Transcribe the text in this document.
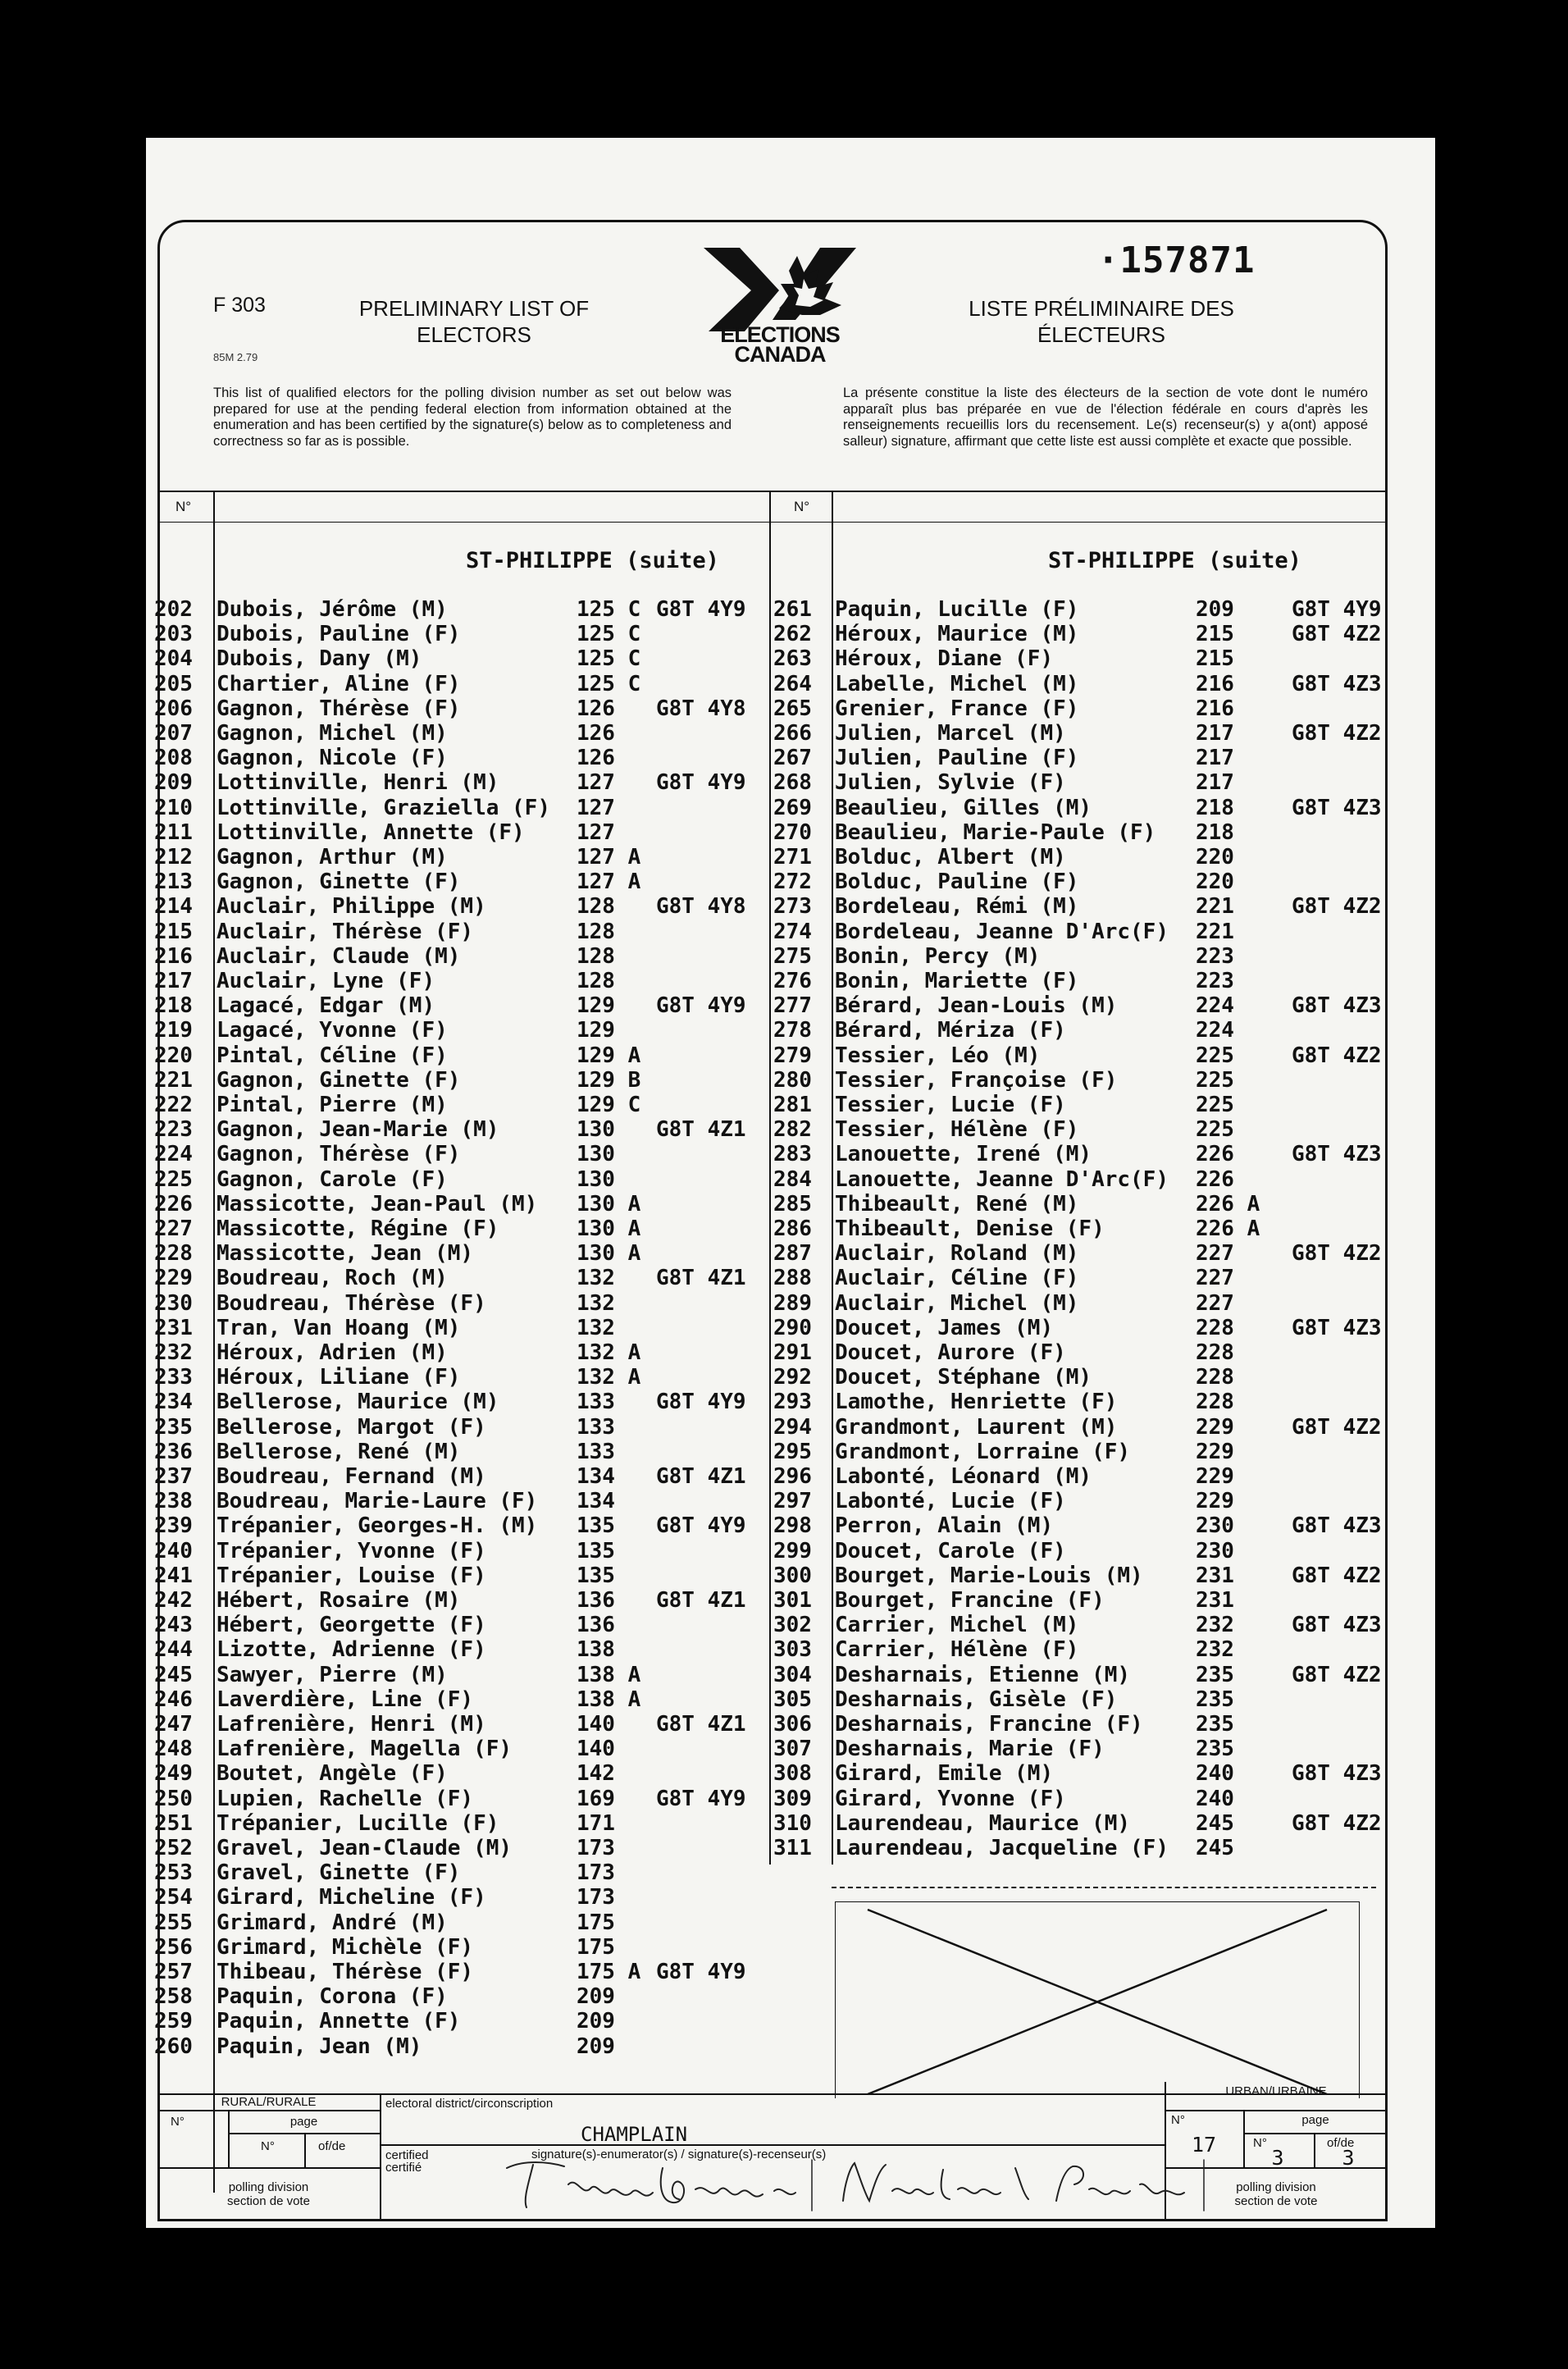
F 303
85M 2.79
PRELIMINARY LIST OF
ELECTORS
LISTE PRÉLIMINAIRE DES
ÉLECTEURS
·157871
ELECTIONS
CANADA
This list of qualified electors for the polling division number as set out below was prepared for use at the pending federal election from information obtained at the enumeration and has been certified by the signature(s) below as to completeness and correctness so far as is possible.
La présente constitue la liste des électeurs de la section de vote dont le numéro apparaît plus bas préparée en vue de l'élection fédérale en cours d'après les renseignements recueillis lors du recensement. Le(s) recenseur(s) y a(ont) apposé salleur) signature, affirmant que cette liste est aussi complète et exacte que possible.
N°	N°
ST-PHILIPPE (suite)	ST-PHILIPPE (suite)
202 Dubois, Jérôme (M)	125 C G8T 4Y9
203 Dubois, Pauline (F)	125 C
204 Dubois, Dany (M)	125 C
205 Chartier, Aline (F)	125 C
206 Gagnon, Thérèse (F)	126 G8T 4Y8
207 Gagnon, Michel (M)	126
208 Gagnon, Nicole (F)	126
209 Lottinville, Henri (M)	127 G8T 4Y9
210 Lottinville, Graziella (F) 127
211 Lottinville, Annette (F) 127
212 Gagnon, Arthur (M)	127 A
213 Gagnon, Ginette (F)	127 A
214 Auclair, Philippe (M)	128 G8T 4Y8
215 Auclair, Thérèse (F)	128
216 Auclair, Claude (M)	128
217 Auclair, Lyne (F)	128
218 Lagacé, Edgar (M)	129 G8T 4Y9
219 Lagacé, Yvonne (F)	129
220 Pintal, Céline (F)	129 A
221 Gagnon, Ginette (F)	129 B
222 Pintal, Pierre (M)	129 C
223 Gagnon, Jean-Marie (M)	130 G8T 4Z1
224 Gagnon, Thérèse (F)	130
225 Gagnon, Carole (F)	130
226 Massicotte, Jean-Paul (M) 130 A
227 Massicotte, Régine (F)	130 A
228 Massicotte, Jean (M)	130 A
229 Boudreau, Roch (M)	132 G8T 4Z1
230 Boudreau, Thérèse (F)	132
231 Tran, Van Hoang (M)	132
232 Héroux, Adrien (M)	132 A
233 Héroux, Liliane (F)	132 A
234 Bellerose, Maurice (M)	133 G8T 4Y9
235 Bellerose, Margot (F)	133
236 Bellerose, René (M)	133
237 Boudreau, Fernand (M)	134 G8T 4Z1
238 Boudreau, Marie-Laure (F) 134
239 Trépanier, Georges-H. (M) 135 G8T 4Y9
240 Trépanier, Yvonne (F)	135
241 Trépanier, Louise (F)	135
242 Hébert, Rosaire (M)	136 G8T 4Z1
243 Hébert, Georgette (F)	136
244 Lizotte, Adrienne (F)	138
245 Sawyer, Pierre (M)	138 A
246 Laverdière, Line (F)	138 A
247 Lafrenière, Henri (M)	140 G8T 4Z1
248 Lafrenière, Magella (F)	140
249 Boutet, Angèle (F)	142
250 Lupien, Rachelle (F)	169 G8T 4Y9
251 Trépanier, Lucille (F)	171
252 Gravel, Jean-Claude (M)	173
253 Gravel, Ginette (F)	173
254 Girard, Micheline (F)	173
255 Grimard, André (M)	175
256 Grimard, Michèle (F)	175
257 Thibeau, Thérèse (F)	175 A G8T 4Y9
258 Paquin, Corona (F)	209
259 Paquin, Annette (F)	209
260 Paquin, Jean (M)	209
261 Paquin, Lucille (F)	209	G8T 4Y9
262 Héroux, Maurice (M)	215	G8T 4Z2
263 Héroux, Diane (F)	215
264 Labelle, Michel (M)	216	G8T 4Z3
265 Grenier, France (F)	216
266 Julien, Marcel (M)	217	G8T 4Z2
267 Julien, Pauline (F)	217
268 Julien, Sylvie (F)	217
269 Beaulieu, Gilles (M)	218	G8T 4Z3
270 Beaulieu, Marie-Paule (F) 218
271 Bolduc, Albert (M)	220
272 Bolduc, Pauline (F)	220
273 Bordeleau, Rémi (M)	221	G8T 4Z2
274 Bordeleau, Jeanne D'Arc(F) 221
275 Bonin, Percy (M)	223
276 Bonin, Mariette (F)	223
277 Bérard, Jean-Louis (M)	224	G8T 4Z3
278 Bérard, Mériza (F)	224
279 Tessier, Léo (M)	225	G8T 4Z2
280 Tessier, Françoise (F)	225
281 Tessier, Lucie (F)	225
282 Tessier, Hélène (F)	225
283 Lanouette, Irené (M)	226	G8T 4Z3
284 Lanouette, Jeanne D'Arc(F) 226
285 Thibeault, René (M)	226 A
286 Thibeault, Denise (F)	226 A
287 Auclair, Roland (M)	227	G8T 4Z2
288 Auclair, Céline (F)	227
289 Auclair, Michel (M)	227
290 Doucet, James (M)	228	G8T 4Z3
291 Doucet, Aurore (F)	228
292 Doucet, Stéphane (M)	228
293 Lamothe, Henriette (F)	228
294 Grandmont, Laurent (M)	229	G8T 4Z2
295 Grandmont, Lorraine (F)	229
296 Labonté, Léonard (M)	229
297 Labonté, Lucie (F)	229
298 Perron, Alain (M)	230	G8T 4Z3
299 Doucet, Carole (F)	230
300 Bourget, Marie-Louis (M) 231	G8T 4Z2
301 Bourget, Francine (F)	231
302 Carrier, Michel (M)	232	G8T 4Z3
303 Carrier, Hélène (F)	232
304 Desharnais, Etienne (M)	235	G8T 4Z2
305 Desharnais, Gisèle (F)	235
306 Desharnais, Francine (F) 235
307 Desharnais, Marie (F)	235
308 Girard, Emile (M)	240	G8T 4Z3
309 Girard, Yvonne (F)	240
310 Laurendeau, Maurice (M)	245	G8T 4Z2
311 Laurendeau, Jacqueline (F) 245
RURAL/RURALE
N°	page
N°	of/de
polling division
section de vote
electoral district/circonscription
CHAMPLAIN
certified
certifié
signature(s)-enumerator(s) / signature(s)-recenseur(s)
URBAN/URBAINE
N°	page
17	N°	of/de
3	3
polling division
section de vote
